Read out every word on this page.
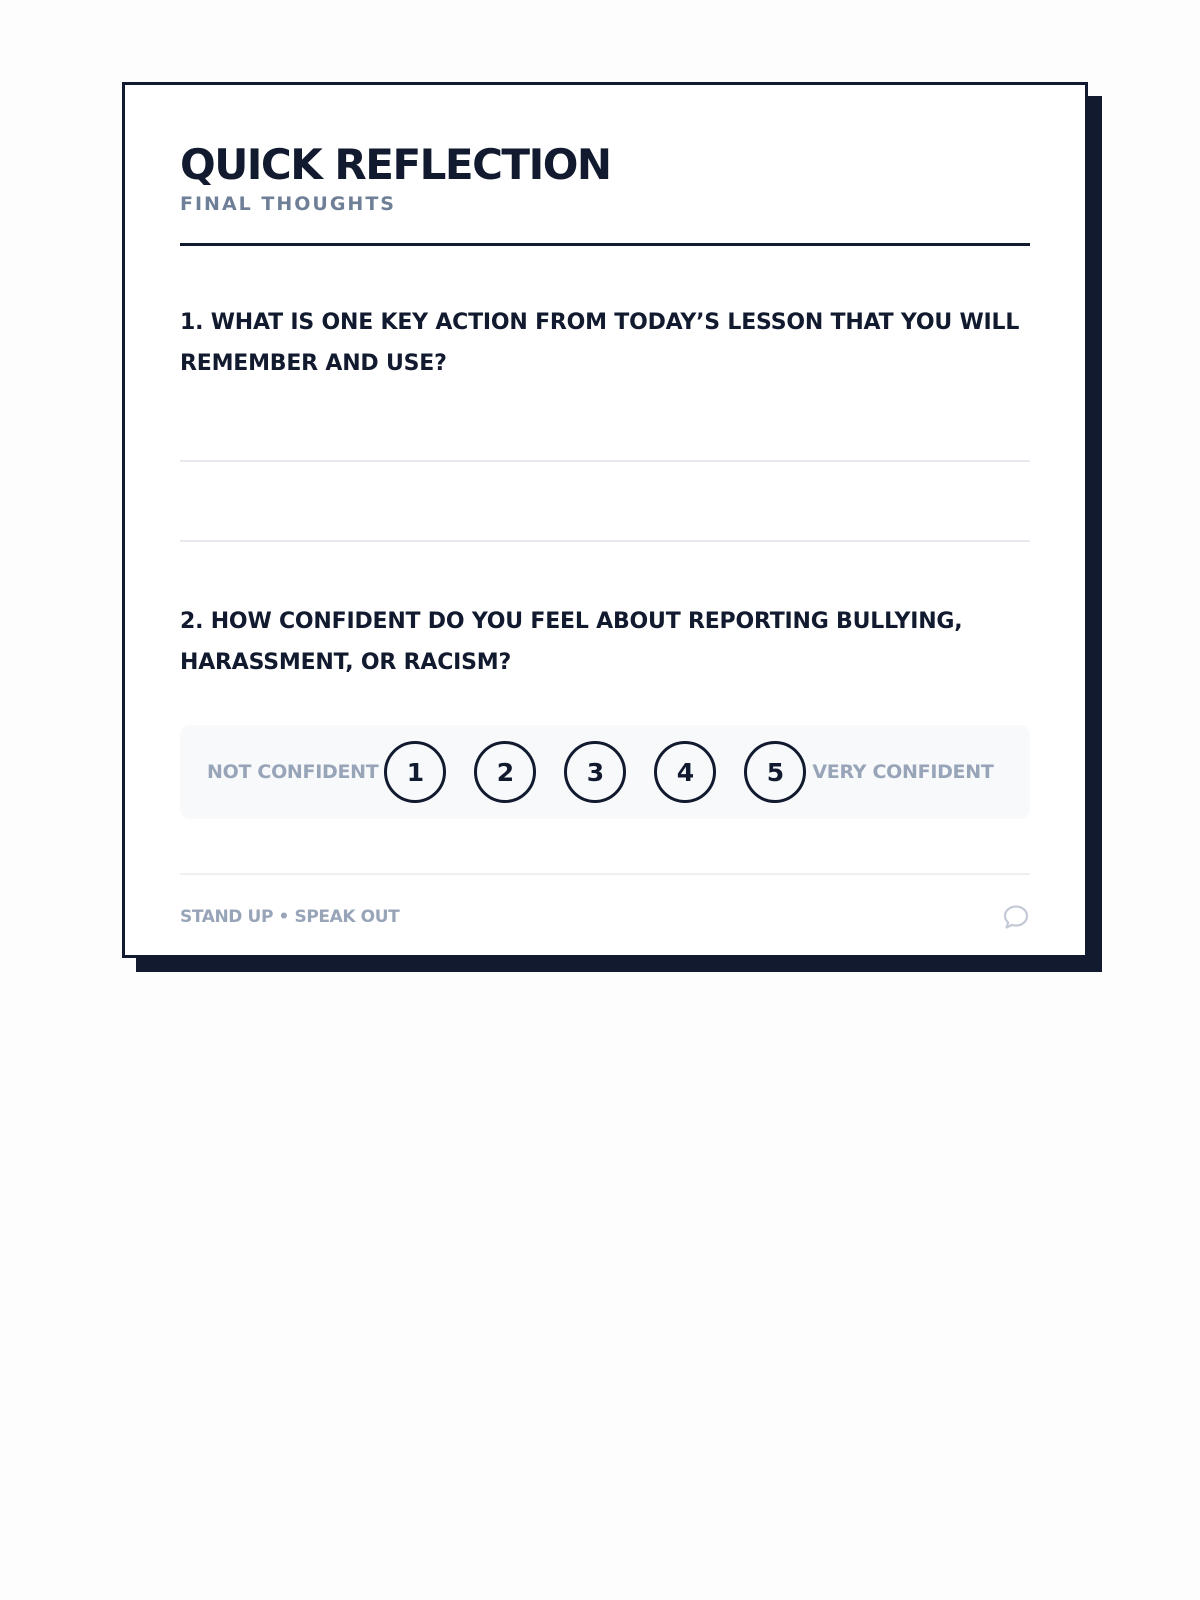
QUICK REFLECTION
FINAL THOUGHTS

1. WHAT IS ONE KEY ACTION FROM TODAY’S LESSON THAT YOU WILL REMEMBER AND USE?

2. HOW CONFIDENT DO YOU FEEL ABOUT REPORTING BULLYING, HARASSMENT, OR RACISM?

NOT CONFIDENT	1	2	3	4	5	VERY CONFIDENT
STAND UP • SPEAK OUT
